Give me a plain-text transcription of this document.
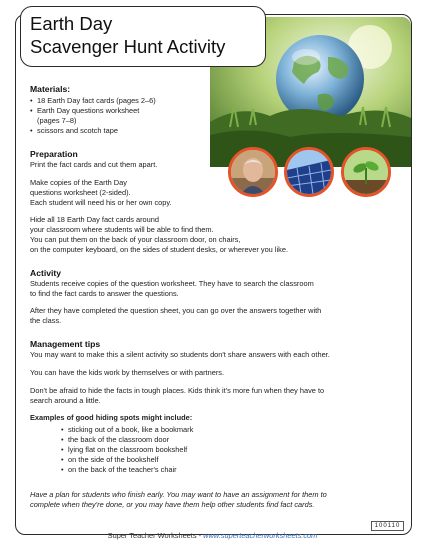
Earth Day
Scavenger Hunt Activity
Materials:
• 18 Earth Day fact cards (pages 2–6)
• Earth Day questions worksheet
(pages 7–8)
• scissors and scotch tape
Preparation
Print the fact cards and cut them apart.
Make copies of the Earth Day
questions worksheet (2-sided).
Each student will need his or her own copy.
Hide all 18 Earth Day fact cards around
your classroom where students will be able to find them.
You can put them on the back of your classroom door, on chairs,
on the computer keyboard, on the sides of student desks, or wherever you like.
Activity
Students receive copies of the question worksheet. They have to search the classroom
to find the fact cards to answer the questions.
After they have completed the question sheet, you can go over the answers together with
the class.
Management tips
You may want to make this a silent activity so students don't share answers with each other.
You can have the kids work by themselves or with partners.
Don't be afraid to hide the facts in tough places. Kids think it's more fun when they have to
search around a little.
Examples of good hiding spots might include:
• sticking out of a book, like a bookmark
• the back of the classroom door
• lying flat on the classroom bookshelf
• on the side of the bookshelf
• on the back of the teacher's chair
Have a plan for students who finish early. You may want to have an assignment for them to
complete when they're done, or you may have them help other students find fact cards.
100110
Super Teacher Worksheets - www.superteacherworksheets.com
